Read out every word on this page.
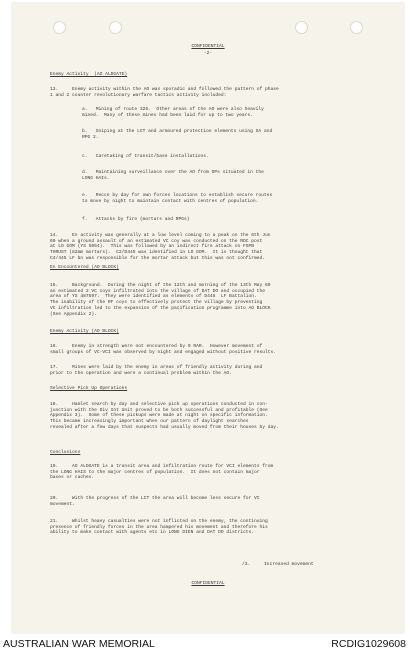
CONFIDENTIAL
-2-
Enemy Activity  (AO ALDGATE)
13.     Enemy activity within the AO was sporadic and followed the pattern of phase
1 and 2 counter revolutionary warfare tactics activity included:
a.   Mining of route 326.  Other areas of the AO were also heavily
mined.  Many of these mines had been laid for up to two years.
b.   Sniping at the LCT and armoured protection elements using SA and
RPG 2.
c.   Caretaking of transit/base installations.
d.   Maintaining surveillance over the AO from OPs situated in the
LONG HAIs.
e.   Recce by day for own forces locations to establish secure routes
to move by night to maintain contact with centres of population.
f.   Attacks by fire (mortars and RPGs)
14.     En activity was generally at a low level coming to a peak on the 6th Jun
69 when a ground assault of an estimated VC coy was conducted on the RDC post
at LO GOM (YS 5054).  This was followed by an indirect fire attack on FSPB
THRUST (82mm mortars).  C2/D445 was identified in LO GOM.  It is thought that
C4/445 LF bn was responsible for the mortar attack but this was not confirmed.
En Encountered (AO BLOCK)
15.     Background.  During the night of the 12th and morning of the 13th May 69
an estimated 2 VC coys infiltrated into the village of DAT DO and occupied the
area of YS 487597.  They were identified as elements of D445  LF Battalion.
The inability of the RF coys to effectively protect the village by preventing
VC infiltration led to the expansion of the pacification programme into AO BLOCK
(See Appendix 2).
Enemy Activity (AO BLOCK)
16.     Enemy in strength were not encountered by 9 RAR.  However movement of
small groups of VC-VCI was observed by night and engaged without positive results.
17.     Mines were laid by the enemy in areas of friendly activity during and
prior to the operation and were a continual problem within the AO.
Selective Pick Up Operations
18.     Hamlet search by day and selective pick up operations conducted in con-
junction with the Div Int Unit proved to be both successful and profitable (See
Appendix 3).  Some of these pickups were made at night on specific information.
This became increasingly important when our pattern of daylight searches
revealed after a few days that suspects had usually moved from their houses by day.
Conclusions
19.     AO ALDGATE is a transit area and infiltration route for VCI elements from
the LONG HAIS to the major centres of population.  It does not contain major
bases or caches.
20.     With the progress of the LCT the area will become less secure for VC
movement.
21.     Whilst heavy casualties were not inflicted on the enemy, the continuing
presence of friendly forces in the area hampered his movement and therefore his
ability to make contact with agents etc in LONG DIEN and DAT DO districts.
/3.     Increased movement
CONFIDENTIAL
AUSTRALIAN WAR MEMORIAL	RCDIG1029608
